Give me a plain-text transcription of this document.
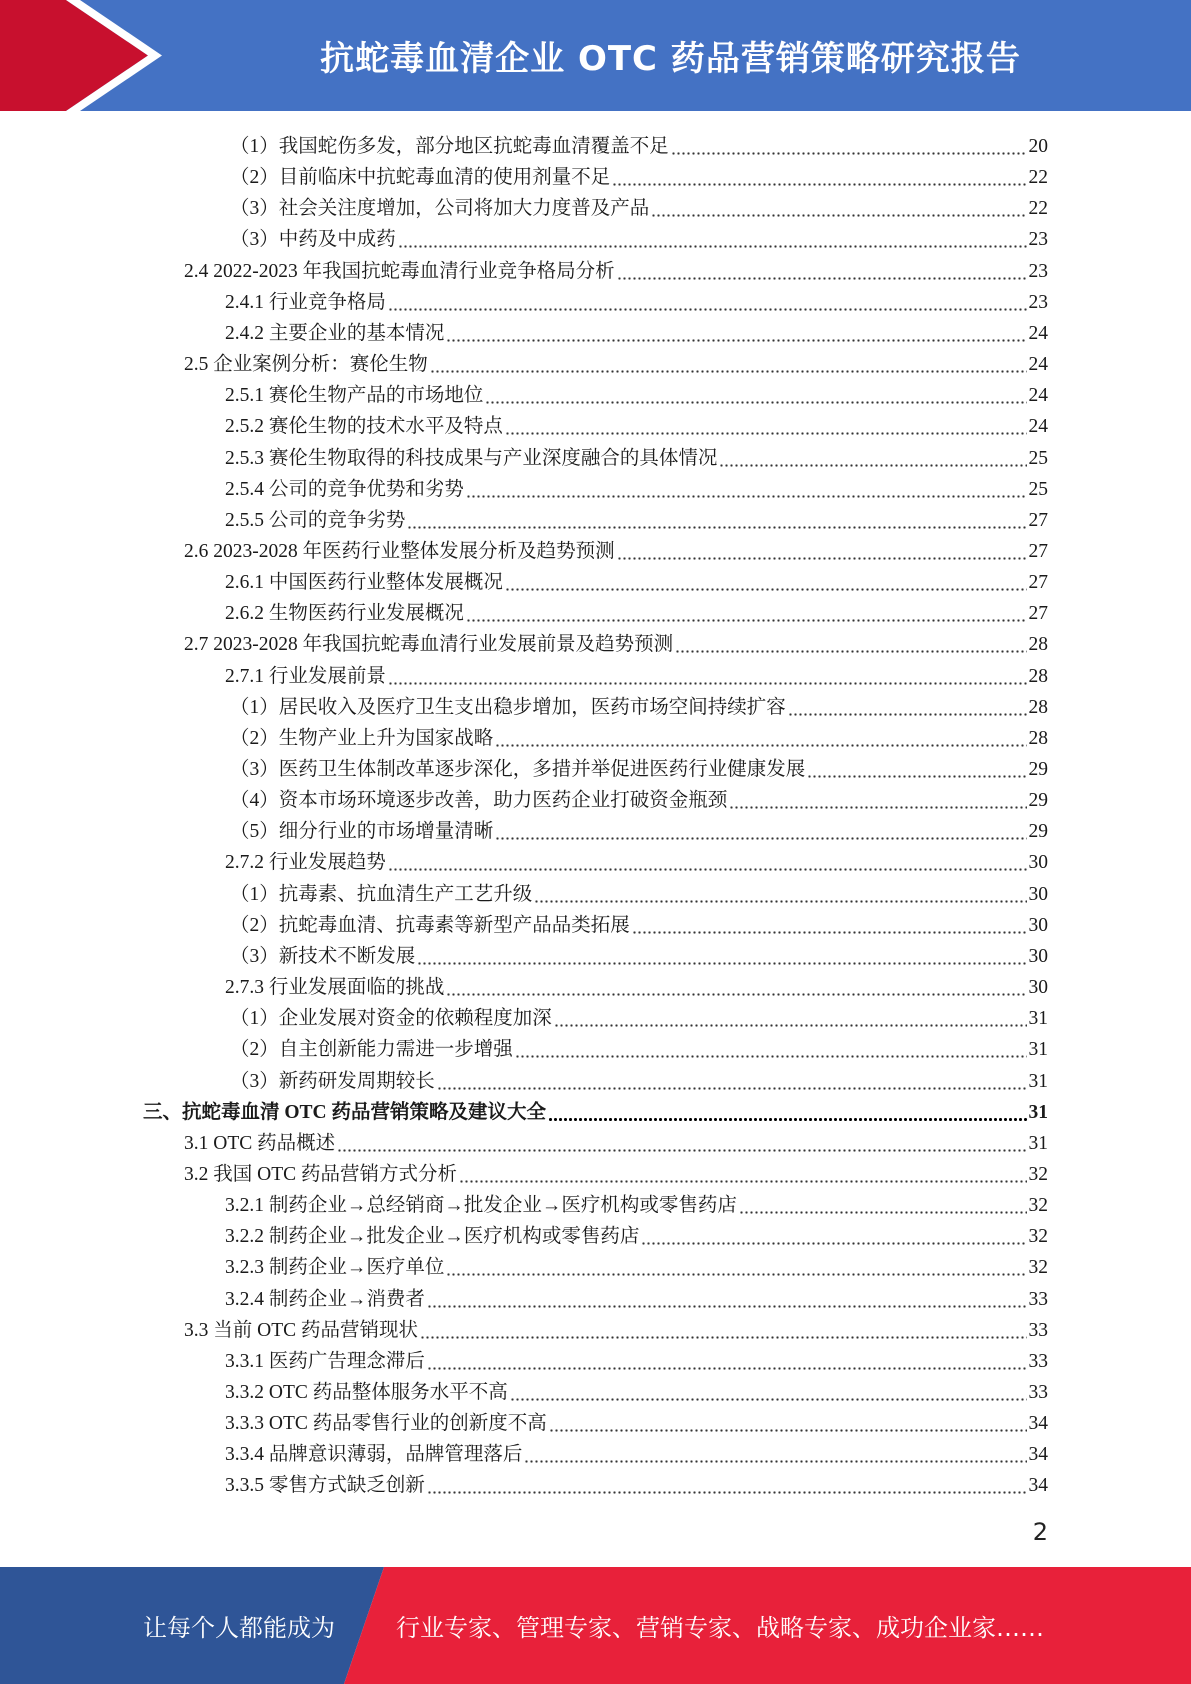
抗蛇毒血清企业 OTC 药品营销策略研究报告
（1）我国蛇伤多发，部分地区抗蛇毒血清覆盖不足	20
（2）目前临床中抗蛇毒血清的使用剂量不足	22
（3）社会关注度增加，公司将加大力度普及产品	22
（3）中药及中成药	23
2.4 2022-2023 年我国抗蛇毒血清行业竞争格局分析	23
2.4.1 行业竞争格局	23
2.4.2 主要企业的基本情况	24
2.5 企业案例分析：赛伦生物	24
2.5.1 赛伦生物产品的市场地位	24
2.5.2 赛伦生物的技术水平及特点	24
2.5.3 赛伦生物取得的科技成果与产业深度融合的具体情况	25
2.5.4 公司的竞争优势和劣势	25
2.5.5 公司的竞争劣势	27
2.6 2023-2028 年医药行业整体发展分析及趋势预测	27
2.6.1 中国医药行业整体发展概况	27
2.6.2 生物医药行业发展概况	27
2.7 2023-2028 年我国抗蛇毒血清行业发展前景及趋势预测	28
2.7.1 行业发展前景	28
（1）居民收入及医疗卫生支出稳步增加，医药市场空间持续扩容	28
（2）生物产业上升为国家战略	28
（3）医药卫生体制改革逐步深化，多措并举促进医药行业健康发展	29
（4）资本市场环境逐步改善，助力医药企业打破资金瓶颈	29
（5）细分行业的市场增量清晰	29
2.7.2 行业发展趋势	30
（1）抗毒素、抗血清生产工艺升级	30
（2）抗蛇毒血清、抗毒素等新型产品品类拓展	30
（3）新技术不断发展	30
2.7.3 行业发展面临的挑战	30
（1）企业发展对资金的依赖程度加深	31
（2）自主创新能力需进一步增强	31
（3）新药研发周期较长	31
三、抗蛇毒血清 OTC 药品营销策略及建议大全	31
3.1 OTC 药品概述	31
3.2 我国 OTC 药品营销方式分析	32
3.2.1 制药企业→总经销商→批发企业→医疗机构或零售药店	32
3.2.2 制药企业→批发企业→医疗机构或零售药店	32
3.2.3 制药企业→医疗单位	32
3.2.4 制药企业→消费者	33
3.3 当前 OTC 药品营销现状	33
3.3.1 医药广告理念滞后	33
3.3.2 OTC 药品整体服务水平不高	33
3.3.3 OTC 药品零售行业的创新度不高	34
3.3.4 品牌意识薄弱，品牌管理落后	34
3.3.5 零售方式缺乏创新	34
2
让每个人都能成为	行业专家、管理专家、营销专家、战略专家、成功企业家……
